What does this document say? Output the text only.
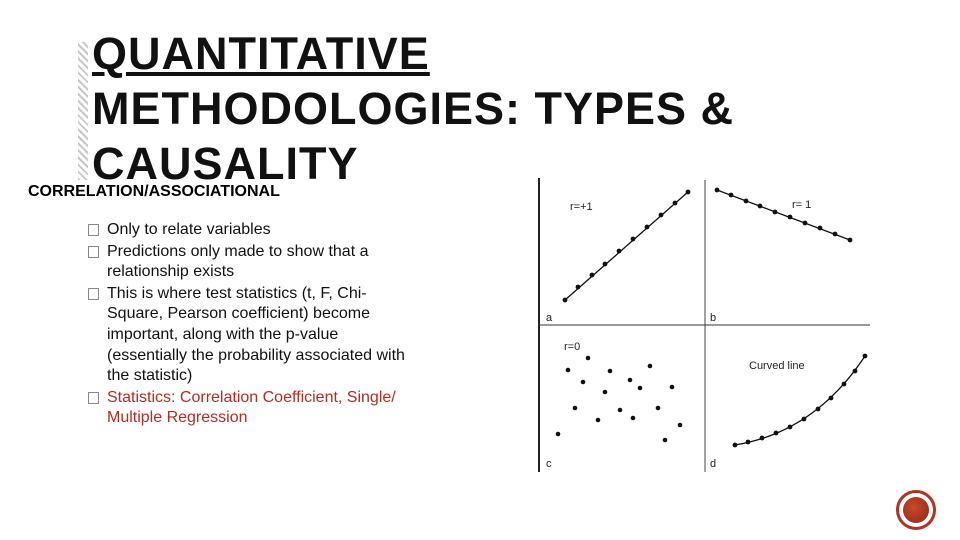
QUANTITATIVE
METHODOLOGIES: TYPES &
CAUSALITY
CORRELATION/ASSOCIATIONAL
Only to relate variables
Predictions only made to show that a relationship exists
This is where test statistics (t, F, Chi-Square, Pearson coefficient) become important, along with the p-value (essentially the probability associated with the statistic)
Statistics: Correlation Coefficient, Single/ Multiple Regression
r=+1
a
r= 1
b
r=0
c
Curved line
d
